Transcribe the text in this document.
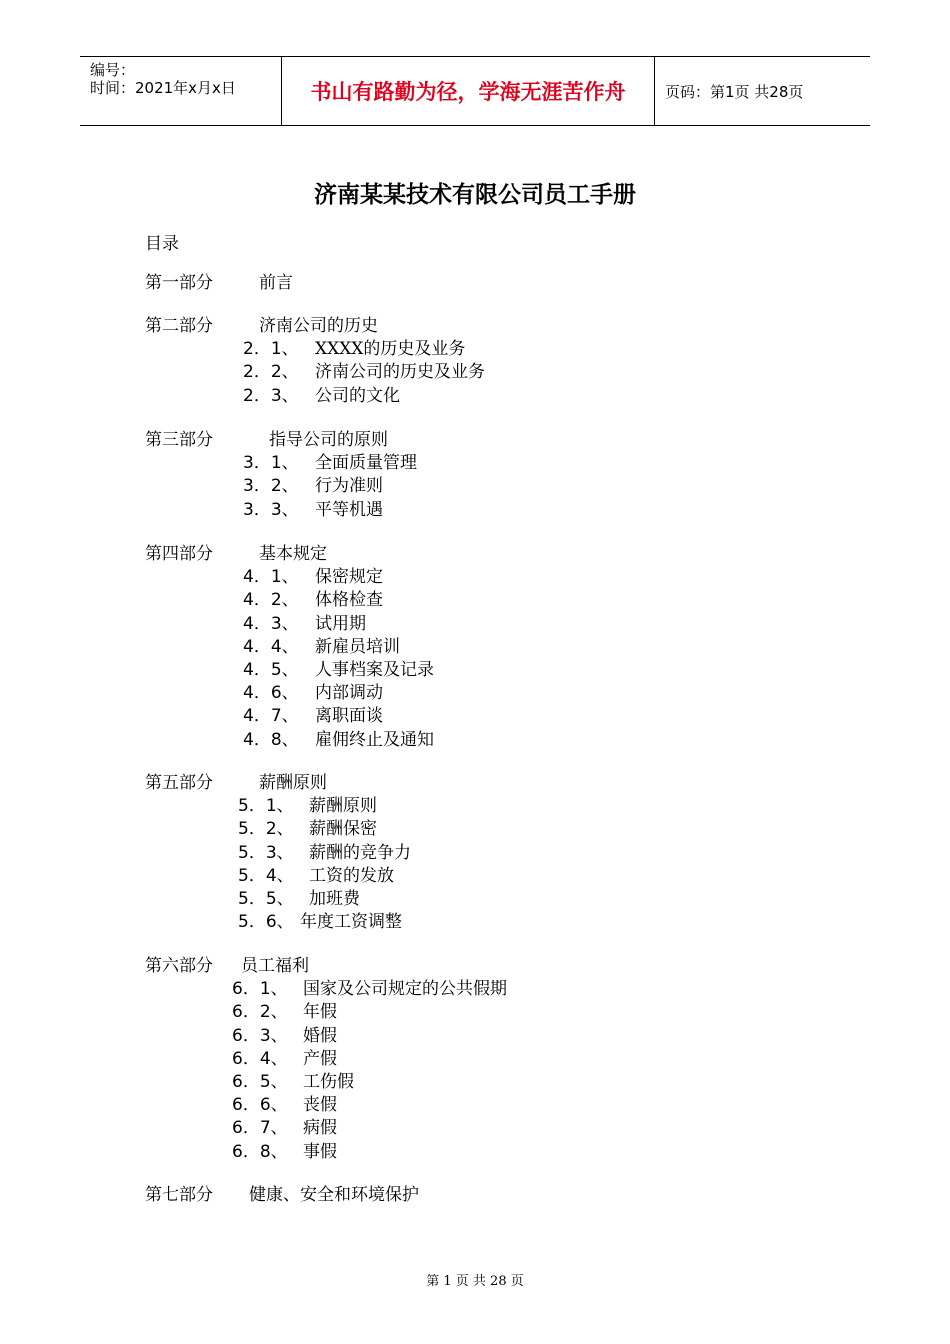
编号：
时间：2021年x月x日	书山有路勤为径，学海无涯苦作舟	页码：第1页 共28页
济南某某技术有限公司员工手册
目录
第一部分	前言
第二部分	济南公司的历史
2．1、 XXXX的历史及业务
2．2、 济南公司的历史及业务
2．3、 公司的文化
第三部分	指导公司的原则
3．1、 全面质量管理
3．2、 行为准则
3．3、 平等机遇
第四部分	基本规定
4．1、 保密规定
4．2、 体格检查
4．3、 试用期
4．4、 新雇员培训
4．5、 人事档案及记录
4．6、 内部调动
4．7、 离职面谈
4．8、 雇佣终止及通知
第五部分	薪酬原则
5．1、 薪酬原则
5．2、 薪酬保密
5．3、 薪酬的竞争力
5．4、 工资的发放
5．5、 加班费
5．6、 年度工资调整
第六部分 员工福利
6．1、 国家及公司规定的公共假期
6．2、 年假
6．3、 婚假
6．4、 产假
6．5、 工伤假
6．6、 丧假
6．7、 病假
6．8、 事假
第七部分 健康、安全和环境保护
第 1 页 共 28 页
